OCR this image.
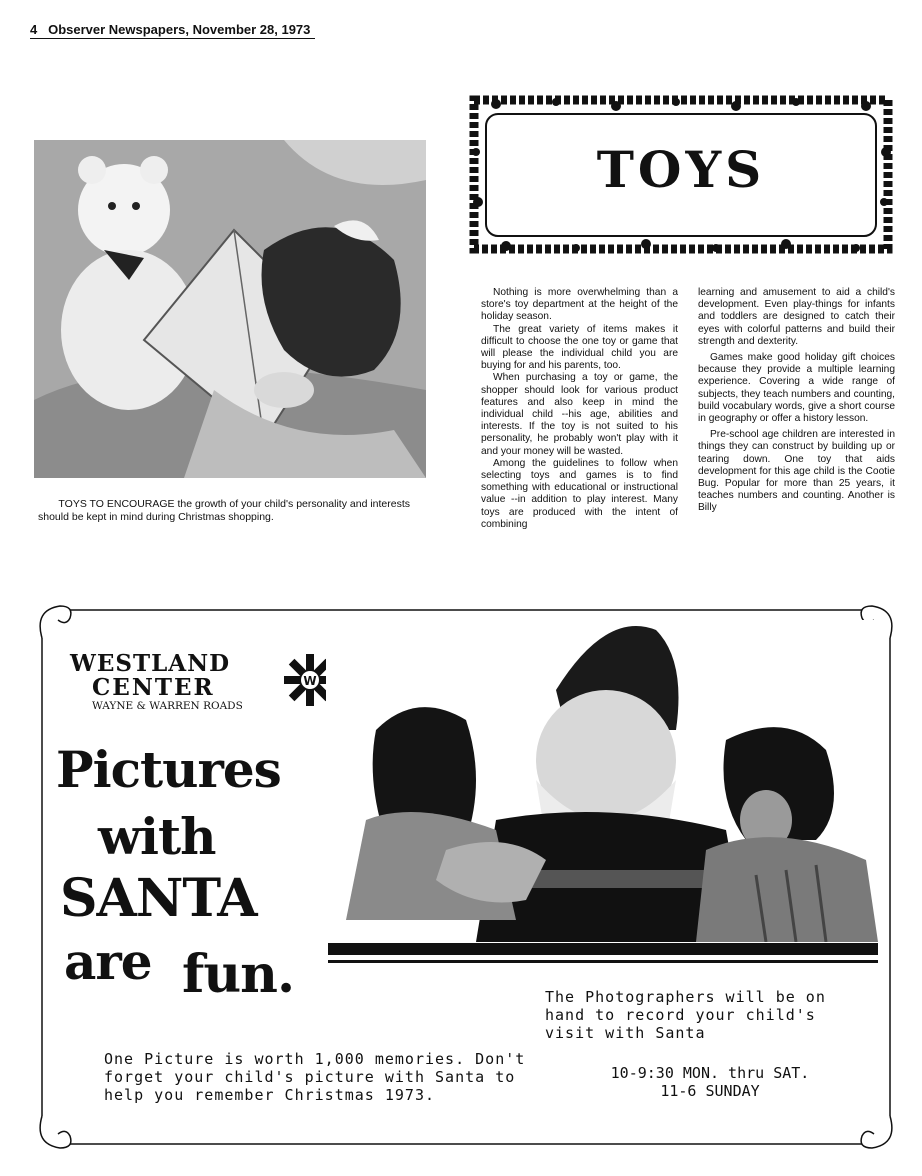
4 Observer Newspapers, November 28, 1973
TOYS TO ENCOURAGE the growth of your child's personality and interests should be kept in mind during Christmas shopping.
TOYS

Nothing is more overwhelming than a store's toy department at the height of the holiday season.

The great variety of items makes it difficult to choose the one toy or game that will please the individual child you are buying for and his parents, too.

When purchasing a toy or game, the shopper should look for various product features and also keep in mind the individual child --his age, abilities and interests. If the toy is not suited to his personality, he probably won't play with it and your money will be wasted.

Among the guidelines to follow when selecting toys and games is to find something with educational or instructional value --in addition to play interest. Many toys are produced with the intent of combining

learning and amusement to aid a child's development. Even play-things for infants and toddlers are designed to catch their eyes with colorful patterns and build their strength and dexterity.

Games make good holiday gift choices because they provide a multiple learning experience. Covering a wide range of subjects, they teach numbers and counting, build vocabulary words, give a short course in geography or offer a history lesson.

Pre-school age children are interested in things they can construct by building up or tearing down. One toy that aids development for this age child is the Cootie Bug. Popular for more than 25 years, it teaches numbers and counting. Another is Billy

WESTLAND
CENTER
WAYNE & WARREN ROADS
W
Pictures
with
SANTA
are fun.	The Photographers will be on hand to record your child's visit with Santa
One Picture is worth 1,000 memories. Don't forget your child's picture with Santa to help you remember Christmas 1973.
10-9:30 MON. thru SAT.
11-6 SUNDAY
